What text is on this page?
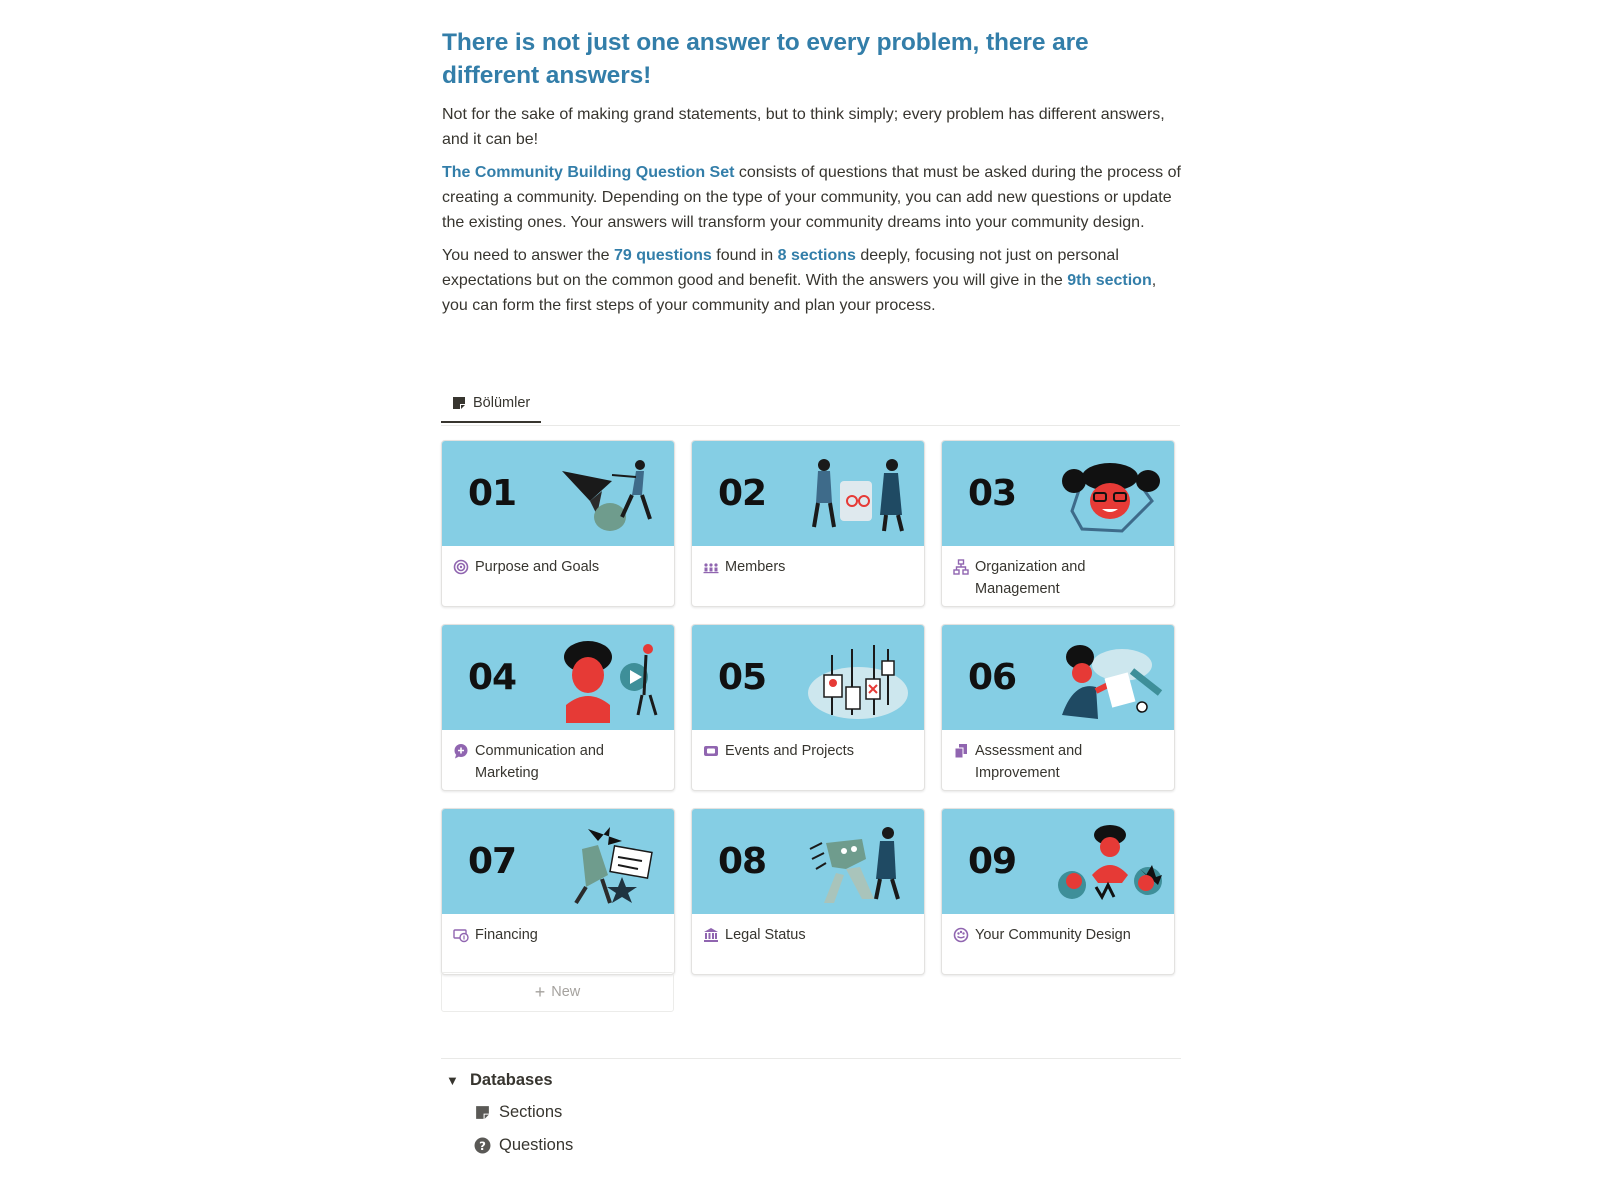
There is not just one answer to every problem, there are different answers!

Not for the sake of making grand statements, but to think simply; every problem has different answers, and it can be!

The Community Building Question Set consists of questions that must be asked during the process of creating a community. Depending on the type of your community, you can add new questions or update the existing ones. Your answers will transform your community dreams into your community design.

You need to answer the 79 questions found in 8 sections deeply, focusing not just on personal expectations but on the common good and benefit. With the answers you will give in the 9th section, you can form the first steps of your community and plan your process.

Bölümler
01
Purpose and Goals
02
Members
03
Organization and Management
04
Communication and Marketing
05
Events and Projects
06
Assessment and Improvement
07
Financing
08
Legal Status
09
Your Community Design
+ New
▼ Databases
Sections
? Questions
